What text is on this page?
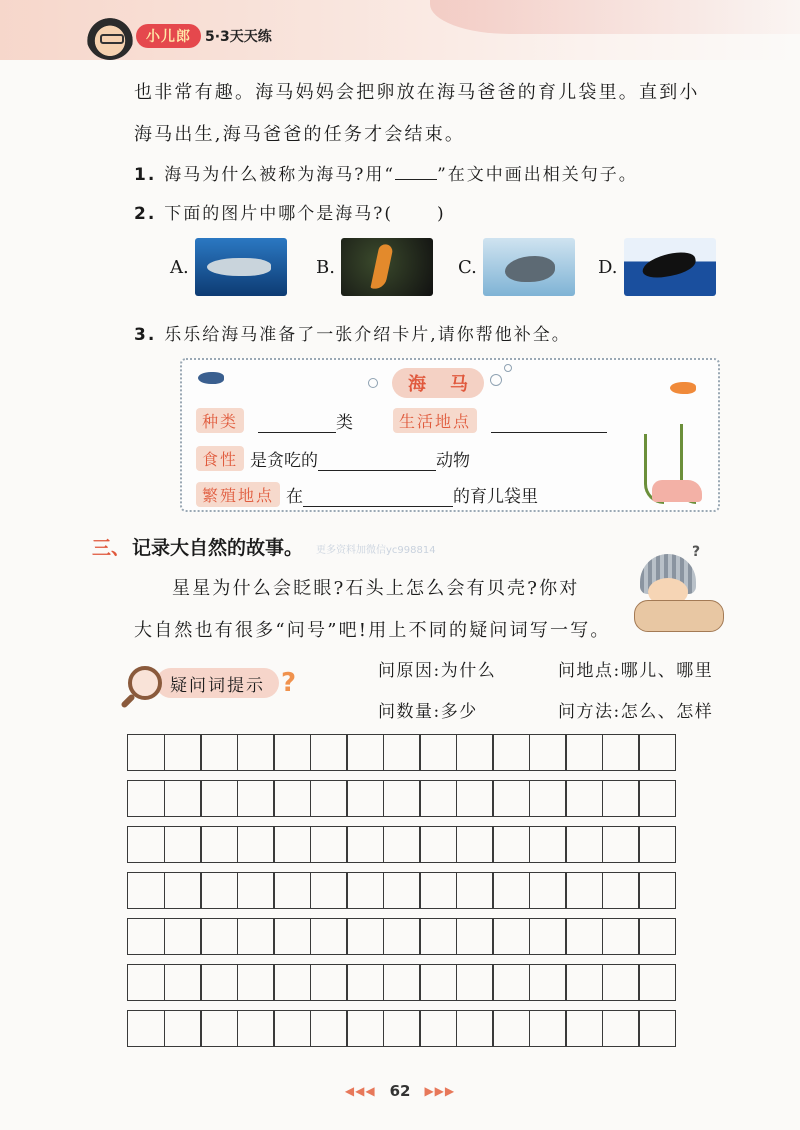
小儿郎	5·3天天练
也非常有趣。海马妈妈会把卵放在海马爸爸的育儿袋里。直到小
海马出生,海马爸爸的任务才会结束。
1. 海马为什么被称为海马?用“ ”在文中画出相关句子。
2. 下面的图片中哪个是海马?(	)
A.	B.	C.	D.
3. 乐乐给海马准备了一张介绍卡片,请你帮他补全。
海 马
种类	类	生活地点
食性 是贪吃的	动物
繁殖地点 在	的育儿袋里
三、 记录大自然的故事。 更多资料加微信yc998814
星星为什么会眨眼?石头上怎么会有贝壳?你对
大自然也有很多“问号”吧!用上不同的疑问词写一写。
?
疑问词提示 ?	问原因:为什么	问地点:哪儿、哪里
问数量:多少	问方法:怎么、怎样
◀◀◀ 62 ▶▶▶
